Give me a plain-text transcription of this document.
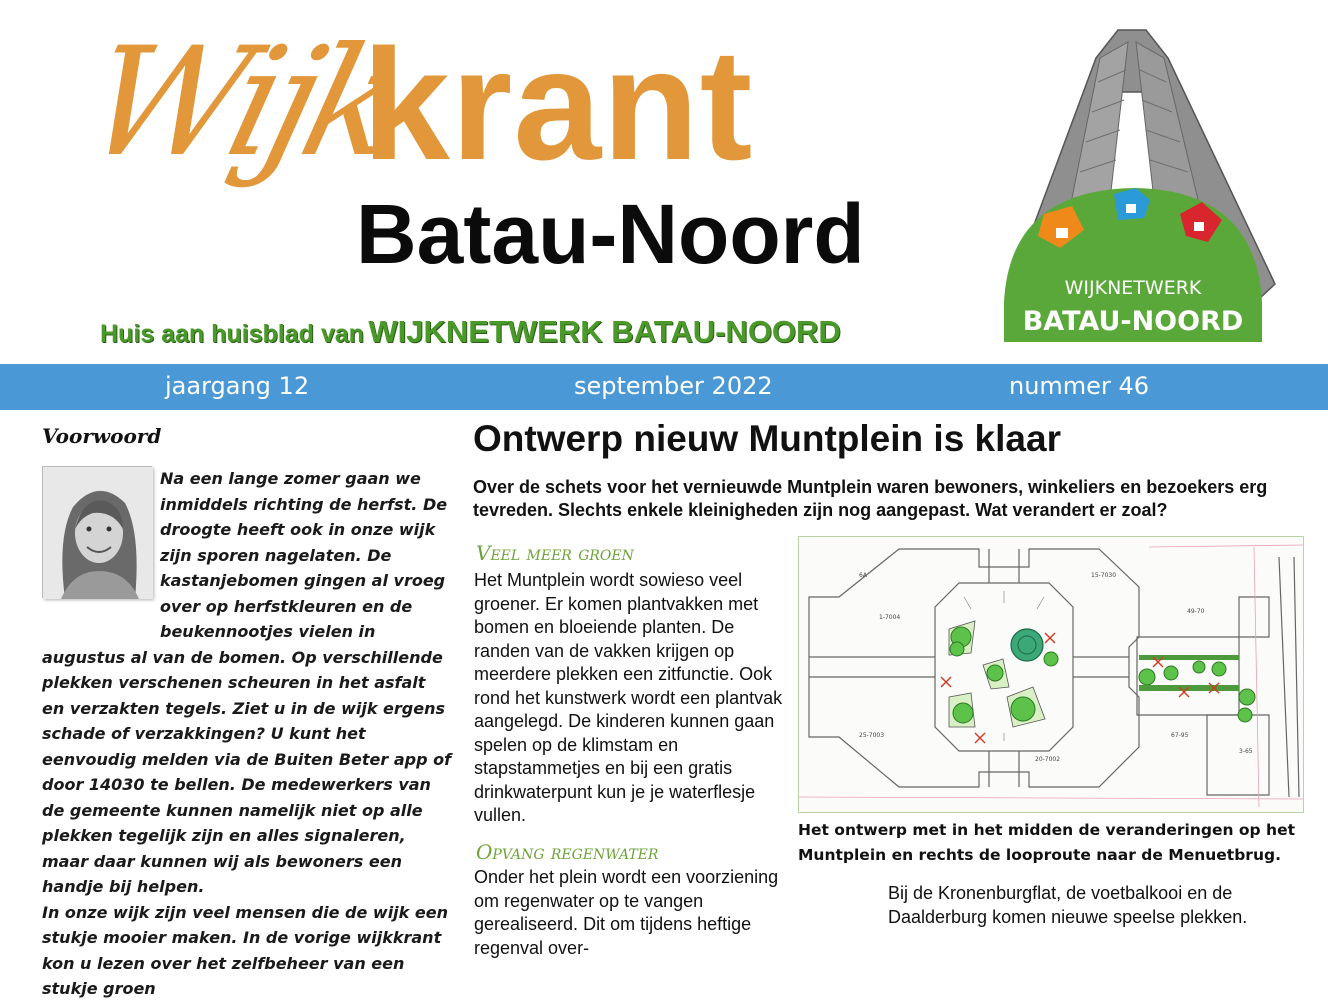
Wijk
krant
Batau-Noord
Huis aan huisblad van WIJKNETWERK BATAU-NOORD
WIJKNETWERK
BATAU-NOORD
jaargang 12	september 2022	nummer 46
Voorwoord

Na een lange zomer gaan we inmiddels richting de herfst. De droogte heeft ook in onze wijk zijn sporen nagelaten. De kastanjebomen gingen al vroeg over op herfstkleuren en de beukennootjes vielen in augustus al van de bomen. Op verschillende plekken verschenen scheuren in het asfalt en verzakten tegels. Ziet u in de wijk ergens schade of verzakkingen? U kunt het eenvoudig melden via de Buiten Beter app of door 14030 te bellen. De medewerkers van de gemeente kunnen namelijk niet op alle plekken tegelijk zijn en alles signaleren, maar daar kunnen wij als bewoners een handje bij helpen.

In onze wijk zijn veel mensen die de wijk een stukje mooier maken. In de vorige wijkkrant kon u lezen over het zelfbeheer van een stukje groen

Ontwerp nieuw Muntplein is klaar
Over de schets voor het vernieuwde Muntplein waren bewoners, winkeliers en bezoekers erg tevreden. Slechts enkele kleinigheden zijn nog aangepast. Wat verandert er zoal?
Veel meer groen
Het Muntplein wordt sowieso veel groener. Er komen plantvakken met bomen en bloeiende planten. De randen van de vakken krijgen op meerdere plekken een zitfunctie. Ook rond het kunstwerk wordt een plantvak aangelegd. De kinderen kunnen gaan spelen op de klimstam en stapstammetjes en bij een gratis drinkwaterpunt kun je je waterflesje vullen.
Opvang regenwater
Onder het plein wordt een voorziening om regenwater op te vangen gerealiseerd. Dit om tijdens heftige regenval over-
Bij de Kronenburgflat, de voetbalkooi en de Daalderburg komen nieuwe speelse plekken.
49-70
67-95
3-65
20-7002
25-7003
15-7030
1-7004
6A
Het ontwerp met in het midden de veranderingen op het Muntplein en rechts de looproute naar de Menuetbrug.
